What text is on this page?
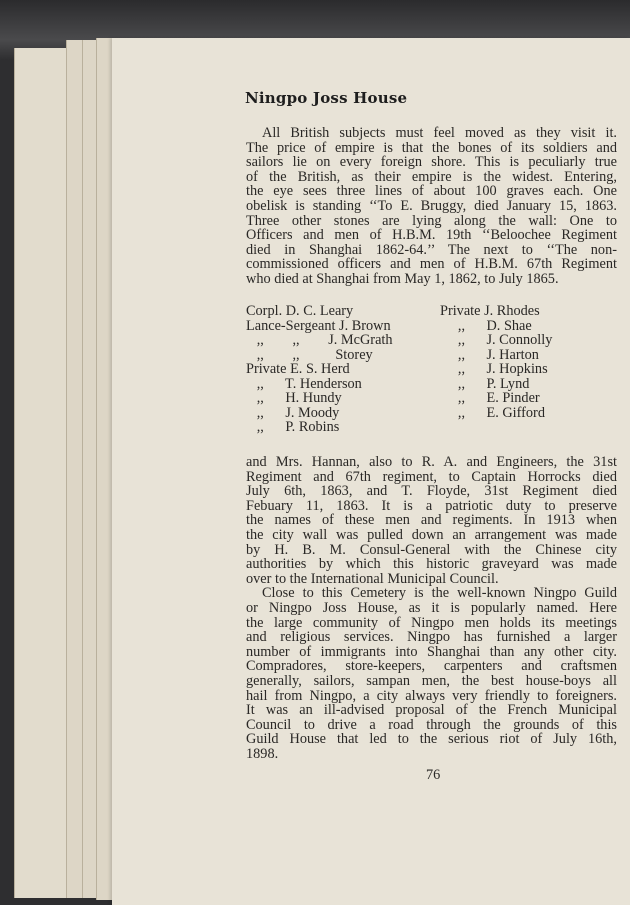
Ningpo Joss House
All British subjects must feel moved as they visit it.
The price of empire is that the bones of its soldiers and
sailors lie on every foreign shore. This is peculiarly true
of the British, as their empire is the widest. Entering,
the eye sees three lines of about 100 graves each. One
obelisk is standing ‘‘To E. Bruggy, died January 15, 1863.
Three other stones are lying along the wall: One to
Officers and men of H.B.M. 19th ‘‘Beloochee Regiment
died in Shanghai 1862-64.’’ The next to ‘‘The non-
commissioned officers and men of H.B.M. 67th Regiment
who died at Shanghai from May 1, 1862, to July 1865.
Corpl. D. C. Leary
Lance-Sergeant J. Brown
,,        ,,        J. McGrath
,,        ,,          Storey
Private E. S. Herd
,,      T. Henderson
,,      H. Hundy
,,      J. Moody
,,      P. Robins
Private J. Rhodes
,,      D. Shae
,,      J. Connolly
,,      J. Harton
,,      J. Hopkins
,,      P. Lynd
,,      E. Pinder
,,      E. Gifford
and Mrs. Hannan, also to R. A. and Engineers, the 31st
Regiment and 67th regiment, to Captain Horrocks died
July 6th, 1863, and T. Floyde, 31st Regiment died
Febuary 11, 1863. It is a patriotic duty to preserve
the names of these men and regiments. In 1913 when
the city wall was pulled down an arrangement was made
by H. B. M. Consul-General with the Chinese city
authorities by which this historic graveyard was made
over to the International Municipal Council.
Close to this Cemetery is the well-known Ningpo Guild
or Ningpo Joss House, as it is popularly named. Here
the large community of Ningpo men holds its meetings
and religious services. Ningpo has furnished a larger
number of immigrants into Shanghai than any other city.
Compradores, store-keepers, carpenters and craftsmen
generally, sailors, sampan men, the best house-boys all
hail from Ningpo, a city always very friendly to foreigners.
It was an ill-advised proposal of the French Municipal
Council to drive a road through the grounds of this
Guild House that led to the serious riot of July 16th,
1898.
76
